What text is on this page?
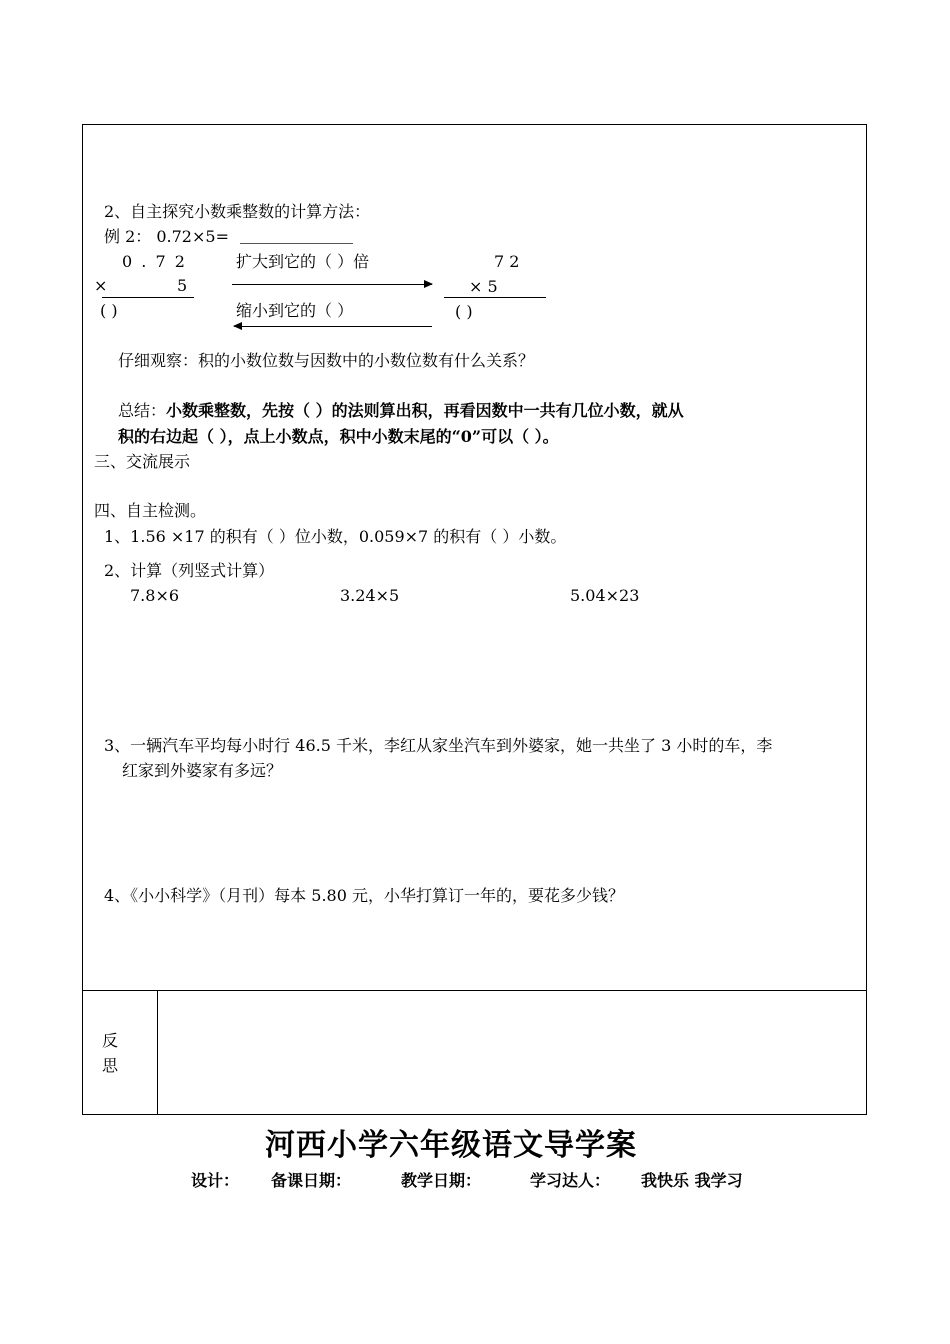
2、自主探究小数乘整数的计算方法：
例 2： 0.72×5=
0 . 7 2
×	5
( )
扩大到它的（ ）倍
缩小到它的（ ）
7 2
× 5
( )
仔细观察：积的小数位数与因数中的小数位数有什么关系？
总结： 小数乘整数，先按（ ）的法则算出积，再看因数中一共有几位小数，就从
积的右边起（ ），点上小数点，积中小数末尾的“0”可以（ ）。
三、交流展示
四、自主检测。
1、1.56 ×17 的积有（ ）位小数，0.059×7 的积有（ ）小数。
2、计算（列竖式计算）
7.8×6	3.24×5	5.04×23
3、一辆汽车平均每小时行 46.5 千米，李红从家坐汽车到外婆家，她一共坐了 3 小时的车，李
红家到外婆家有多远？
4、《小小科学》（月刊）每本 5.80 元，小华打算订一年的，要花多少钱？
反
思
河西小学六年级语文导学案
设计： 备课日期：	教学日期：	学习达人： 我快乐 我学习
